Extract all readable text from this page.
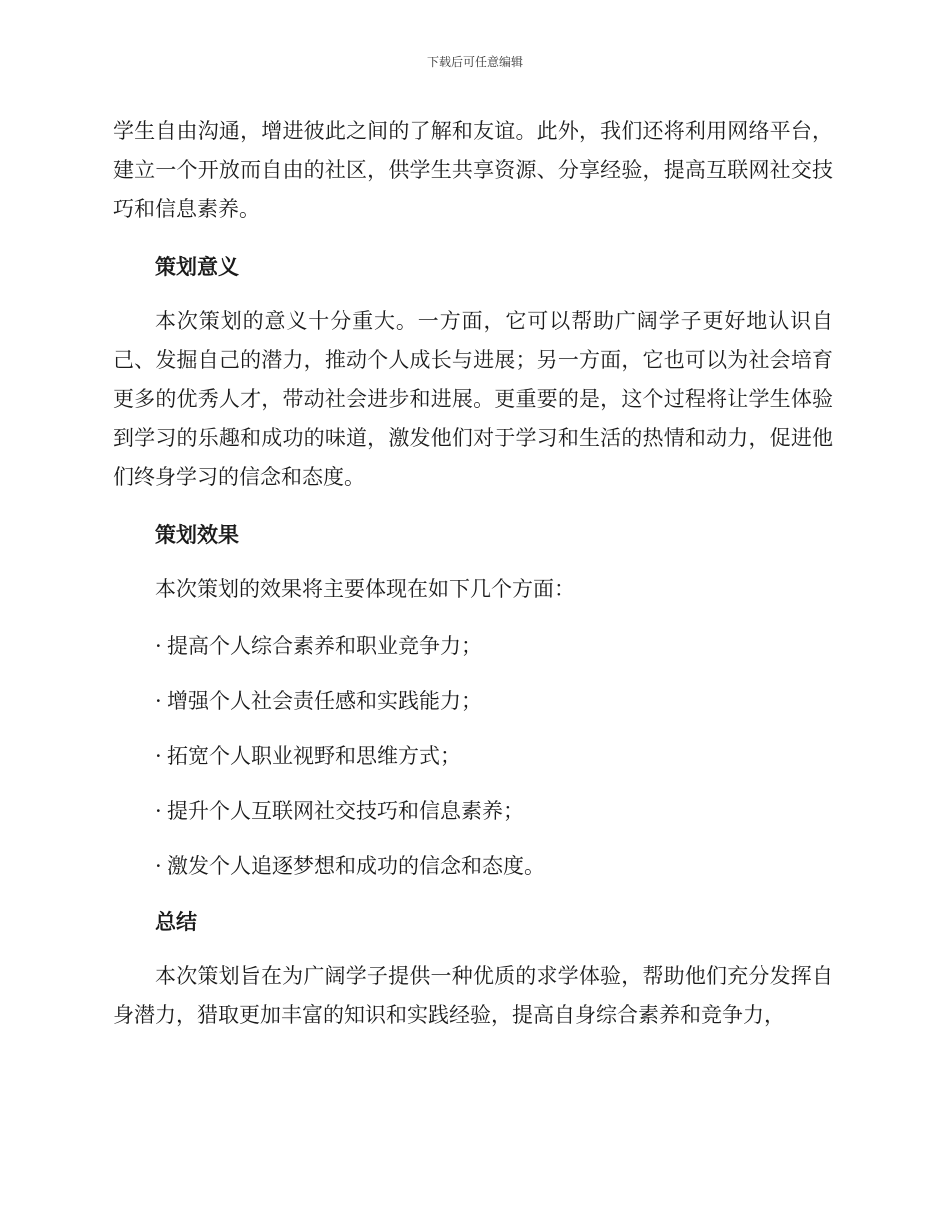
下载后可任意编辑

学生自由沟通，增进彼此之间的了解和友谊。此外，我们还将利用网络平台，建立一个开放而自由的社区，供学生共享资源、分享经验，提高互联网社交技巧和信息素养。

策划意义

本次策划的意义十分重大。一方面，它可以帮助广阔学子更好地认识自己、发掘自己的潜力，推动个人成长与进展；另一方面，它也可以为社会培育更多的优秀人才，带动社会进步和进展。更重要的是，这个过程将让学生体验到学习的乐趣和成功的味道，激发他们对于学习和生活的热情和动力，促进他们终身学习的信念和态度。

策划效果

本次策划的效果将主要体现在如下几个方面：

· 提高个人综合素养和职业竞争力；
· 增强个人社会责任感和实践能力；
· 拓宽个人职业视野和思维方式；
· 提升个人互联网社交技巧和信息素养；
· 激发个人追逐梦想和成功的信念和态度。
总结

本次策划旨在为广阔学子提供一种优质的求学体验，帮助他们充分发挥自身潜力，猎取更加丰富的知识和实践经验，提高自身综合素养和竞争力，
